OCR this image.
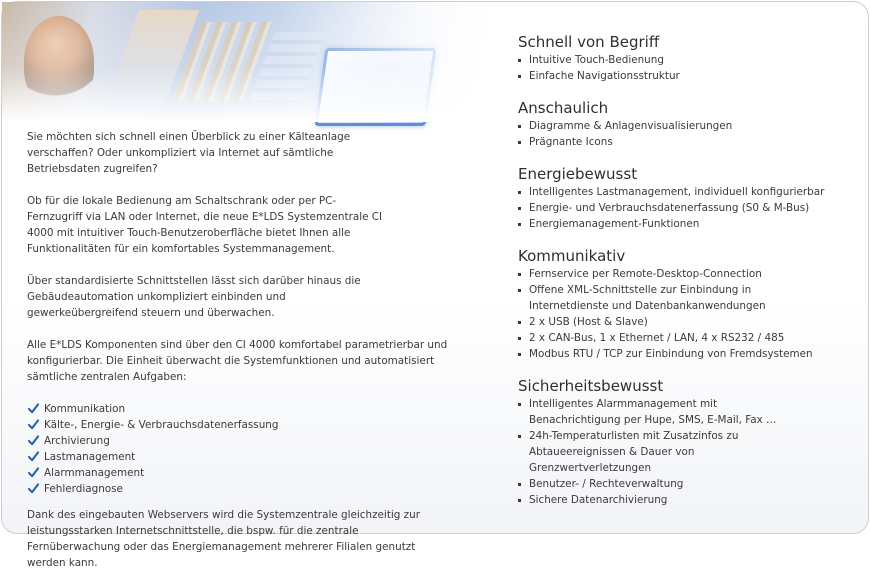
Sie möchten sich schnell einen Überblick zu einer Kälteanlage verschaffen? Oder unkompliziert via Internet auf sämtliche Betriebsdaten zugreifen?

Ob für die lokale Bedienung am Schaltschrank oder per PC-Fernzugriff via LAN oder Internet, die neue E*LDS Systemzentrale CI 4000 mit intuitiver Touch-Benutzeroberfläche bietet Ihnen alle Funktionalitäten für ein komfortables Systemmanagement.

Über standardisierte Schnittstellen lässt sich darüber hinaus die Gebäudeautomation unkompliziert einbinden und gewerkeübergreifend steuern und überwachen.

Alle E*LDS Komponenten sind über den CI 4000 komfortabel parametrierbar und konfigurierbar. Die Einheit überwacht die Systemfunktionen und automatisiert sämtliche zentralen Aufgaben:

Kommunikation
Kälte-, Energie- & Verbrauchsdatenerfassung
Archivierung
Lastmanagement
Alarmmanagement
Fehlerdiagnose

Dank des eingebauten Webservers wird die Systemzentrale gleichzeitig zur leistungsstarken Internetschnittstelle, die bspw. für die zentrale Fernüberwachung oder das Energiemanagement mehrerer Filialen genutzt werden kann.

Schnell von Begriff
Intuitive Touch-Bedienung
Einfache Navigationsstruktur
Anschaulich
Diagramme & Anlagenvisualisierungen
Prägnante Icons
Energiebewusst
Intelligentes Lastmanagement, individuell konfigurierbar
Energie- und Verbrauchsdatenerfassung (S0 & M-Bus)
Energiemanagement-Funktionen
Kommunikativ
Fernservice per Remote-Desktop-Connection
Offene XML-Schnittstelle zur Einbindung in Internetdienste und Datenbankanwendungen
2 x USB (Host & Slave)
2 x CAN-Bus, 1 x Ethernet / LAN, 4 x RS232 / 485
Modbus RTU / TCP zur Einbindung von Fremdsystemen
Sicherheitsbewusst
Intelligentes Alarmmanagement mit Benachrichtigung per Hupe, SMS, E-Mail, Fax …
24h-Temperaturlisten mit Zusatzinfos zu Abtaueereignissen & Dauer von Grenzwertverletzungen
Benutzer- / Rechteverwaltung
Sichere Datenarchivierung
